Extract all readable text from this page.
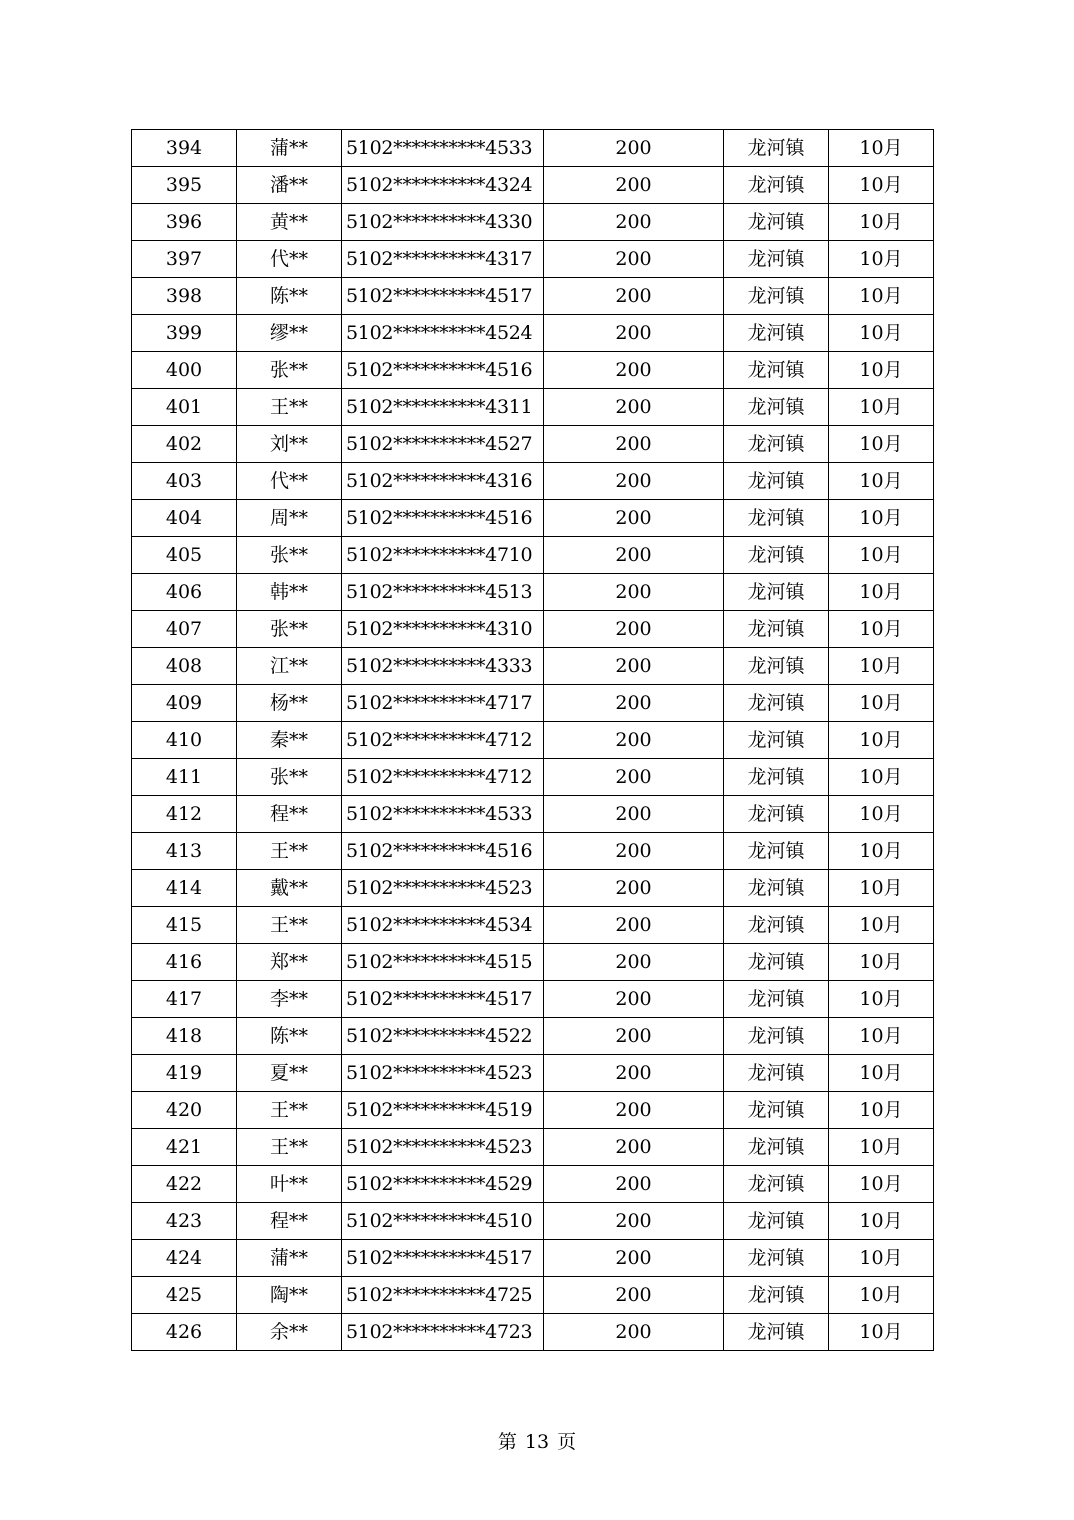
394	蒲**	5102**********4533	200	龙河镇	10月
395	潘**	5102**********4324	200	龙河镇	10月
396	黄**	5102**********4330	200	龙河镇	10月
397	代**	5102**********4317	200	龙河镇	10月
398	陈**	5102**********4517	200	龙河镇	10月
399	缪**	5102**********4524	200	龙河镇	10月
400	张**	5102**********4516	200	龙河镇	10月
401	王**	5102**********4311	200	龙河镇	10月
402	刘**	5102**********4527	200	龙河镇	10月
403	代**	5102**********4316	200	龙河镇	10月
404	周**	5102**********4516	200	龙河镇	10月
405	张**	5102**********4710	200	龙河镇	10月
406	韩**	5102**********4513	200	龙河镇	10月
407	张**	5102**********4310	200	龙河镇	10月
408	江**	5102**********4333	200	龙河镇	10月
409	杨**	5102**********4717	200	龙河镇	10月
410	秦**	5102**********4712	200	龙河镇	10月
411	张**	5102**********4712	200	龙河镇	10月
412	程**	5102**********4533	200	龙河镇	10月
413	王**	5102**********4516	200	龙河镇	10月
414	戴**	5102**********4523	200	龙河镇	10月
415	王**	5102**********4534	200	龙河镇	10月
416	郑**	5102**********4515	200	龙河镇	10月
417	李**	5102**********4517	200	龙河镇	10月
418	陈**	5102**********4522	200	龙河镇	10月
419	夏**	5102**********4523	200	龙河镇	10月
420	王**	5102**********4519	200	龙河镇	10月
421	王**	5102**********4523	200	龙河镇	10月
422	叶**	5102**********4529	200	龙河镇	10月
423	程**	5102**********4510	200	龙河镇	10月
424	蒲**	5102**********4517	200	龙河镇	10月
425	陶**	5102**********4725	200	龙河镇	10月
426	余**	5102**********4723	200	龙河镇	10月
第 13 页
